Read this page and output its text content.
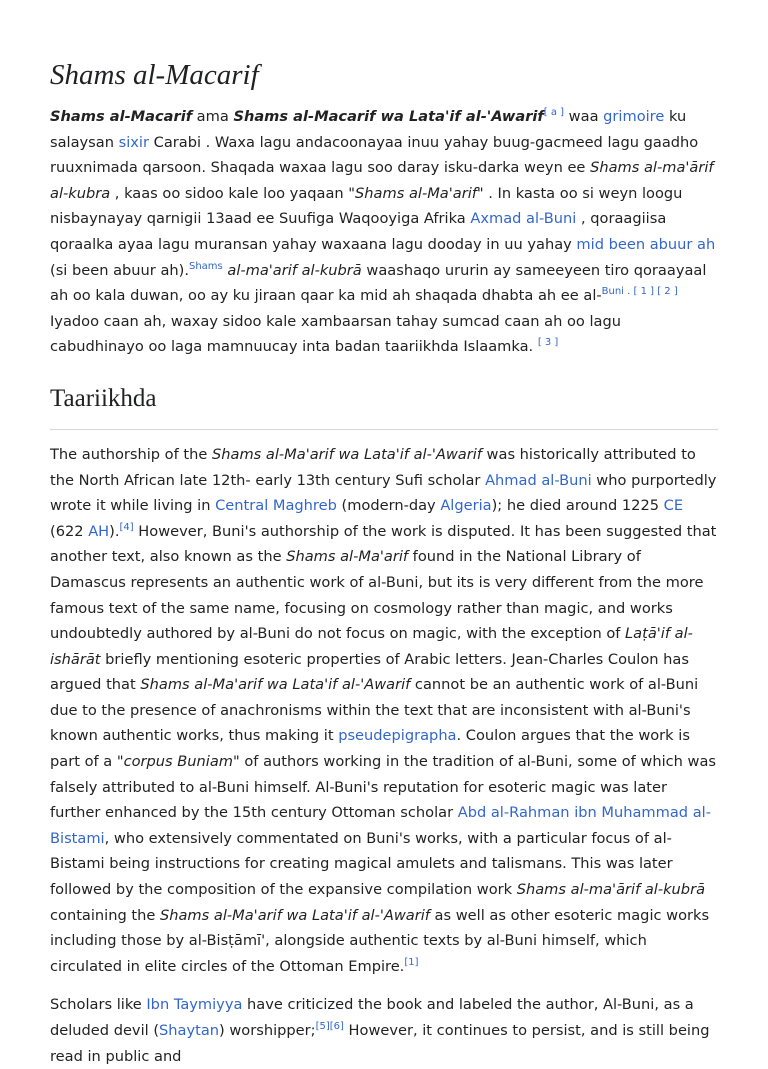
Shams al-Macarif

Shams al-Macarif ama Shams al-Macarif wa Lata'if al-'Awarif[ a ] waa grimoire ku salaysan sixir Carabi . Waxa lagu andacoonayaa inuu yahay buug-gacmeed lagu gaadho ruuxnimada qarsoon. Shaqada waxaa lagu soo daray isku-darka weyn ee Shams al-ma'ārif al-kubra , kaas oo sidoo kale loo yaqaan "Shams al-Ma'arif" . In kasta oo si weyn loogu nisbaynayay qarnigii 13aad ee Suufiga Waqooyiga Afrika Axmad al-Buni , qoraagiisa qoraalka ayaa lagu muransan yahay waxaana lagu dooday in uu yahay mid been abuur ah (si been abuur ah).$^{Shams}$ al-ma'arif al-kubrā waashaqo ururin ay sameeyeen tiro qoraayaal ah oo kala duwan, oo ay ku jiraan qaar ka mid ah shaqada dhabta ah ee al-$^{Buni . [ 1 ] [ 2 ]}$ Iyadoo caan ah, waxay sidoo kale xambaarsan tahay sumcad caan ah oo lagu cabudhinayo oo laga mamnuucay inta badan taariikhda Islaamka. [ 3 ]

Taariikhda

The authorship of the Shams al-Ma'arif wa Lata'if al-'Awarif was historically attributed to the North African late 12th- early 13th century Sufi scholar Ahmad al-Buni who purportedly wrote it while living in Central Maghreb (modern-day Algeria); he died around 1225 CE (622 AH).[4] However, Buni's authorship of the work is disputed. It has been suggested that another text, also known as the Shams al-Ma'arif found in the National Library of Damascus represents an authentic work of al-Buni, but its is very different from the more famous text of the same name, focusing on cosmology rather than magic, and works undoubtedly authored by al-Buni do not focus on magic, with the exception of Laṭā'if al-ishārāt briefly mentioning esoteric properties of Arabic letters. Jean-Charles Coulon has argued that Shams al-Ma'arif wa Lata'if al-'Awarif cannot be an authentic work of al-Buni due to the presence of anachronisms within the text that are inconsistent with al-Buni's known authentic works, thus making it pseudepigrapha. Coulon argues that the work is part of a "corpus Buniam" of authors working in the tradition of al-Buni, some of which was falsely attributed to al-Buni himself. Al-Buni's reputation for esoteric magic was later further enhanced by the 15th century Ottoman scholar Abd al-Rahman ibn Muhammad al-Bistami, who extensively commentated on Buni's works, with a particular focus of al-Bistami being instructions for creating magical amulets and talismans. This was later followed by the composition of the expansive compilation work Shams al-ma'ārif al-kubrā containing the Shams al-Ma'arif wa Lata'if al-'Awarif as well as other esoteric magic works including those by al-Bisṭāmī', alongside authentic texts by al-Buni himself, which circulated in elite circles of the Ottoman Empire.[1]

Scholars like Ibn Taymiyya have criticized the book and labeled the author, Al-Buni, as a deluded devil (Shaytan) worshipper;[5][6] However, it continues to persist, and is still being read in public and
